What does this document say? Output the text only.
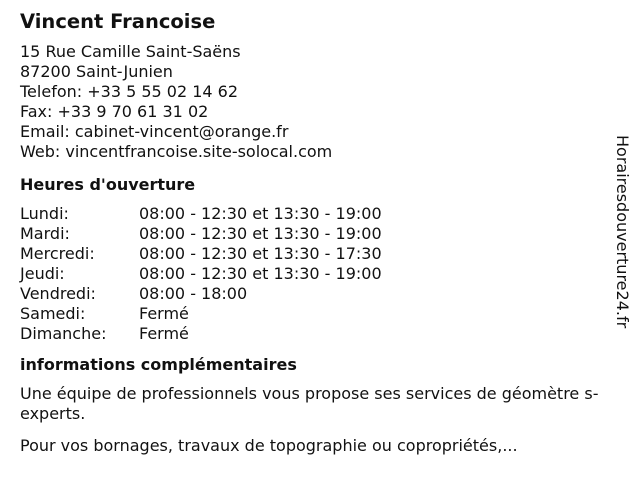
Vincent Francoise
15 Rue Camille Saint-Saëns
87200 Saint-Junien
Telefon: +33 5 55 02 14 62
Fax: +33 9 70 61 31 02
Email: cabinet-vincent@orange.fr
Web: vincentfrancoise.site-solocal.com
Heures d'ouverture
Lundi:	08:00 - 12:30 et 13:30 - 19:00
Mardi:	08:00 - 12:30 et 13:30 - 19:00
Mercredi:	08:00 - 12:30 et 13:30 - 17:30
Jeudi:	08:00 - 12:30 et 13:30 - 19:00
Vendredi:	08:00 - 18:00
Samedi:	Fermé
Dimanche: Fermé
informations complémentaires

Une équipe de professionnels vous propose ses services de géomètre s-experts.

Pour vos bornages, travaux de topographie ou copropriétés,...

Horairesdouverture24.fr
